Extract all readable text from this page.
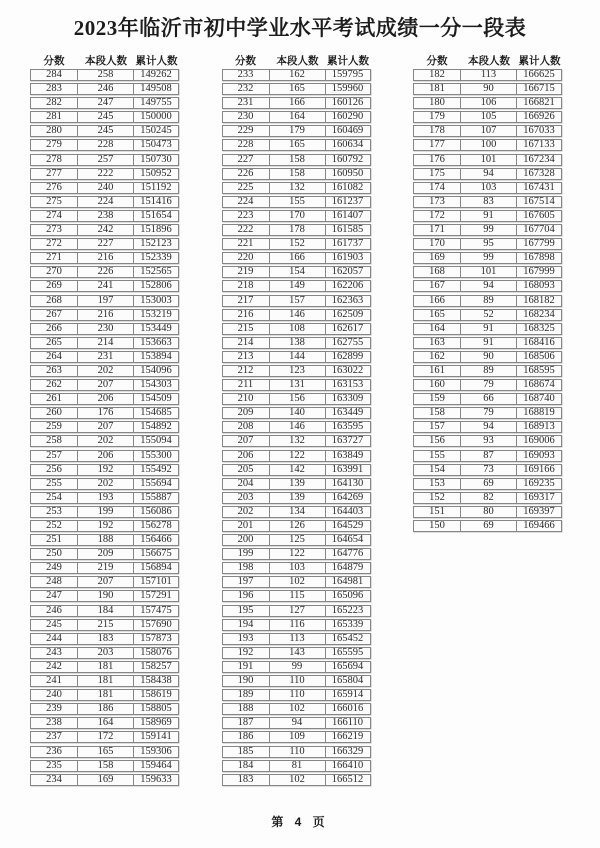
2023年临沂市初中学业水平考试成绩一分一段表
分数	本段人数 累计人数
284	258	149262
283	246	149508
282	247	149755
281	245	150000
280	245	150245
279	228	150473
278	257	150730
277	222	150952
276	240	151192
275	224	151416
274	238	151654
273	242	151896
272	227	152123
271	216	152339
270	226	152565
269	241	152806
268	197	153003
267	216	153219
266	230	153449
265	214	153663
264	231	153894
263	202	154096
262	207	154303
261	206	154509
260	176	154685
259	207	154892
258	202	155094
257	206	155300
256	192	155492
255	202	155694
254	193	155887
253	199	156086
252	192	156278
251	188	156466
250	209	156675
249	219	156894
248	207	157101
247	190	157291
246	184	157475
245	215	157690
244	183	157873
243	203	158076
242	181	158257
241	181	158438
240	181	158619
239	186	158805
238	164	158969
237	172	159141
236	165	159306
235	158	159464
234	169	159633
分数	本段人数 累计人数
233	162	159795
232	165	159960
231	166	160126
230	164	160290
229	179	160469
228	165	160634
227	158	160792
226	158	160950
225	132	161082
224	155	161237
223	170	161407
222	178	161585
221	152	161737
220	166	161903
219	154	162057
218	149	162206
217	157	162363
216	146	162509
215	108	162617
214	138	162755
213	144	162899
212	123	163022
211	131	163153
210	156	163309
209	140	163449
208	146	163595
207	132	163727
206	122	163849
205	142	163991
204	139	164130
203	139	164269
202	134	164403
201	126	164529
200	125	164654
199	122	164776
198	103	164879
197	102	164981
196	115	165096
195	127	165223
194	116	165339
193	113	165452
192	143	165595
191	99	165694
190	110	165804
189	110	165914
188	102	166016
187	94	166110
186	109	166219
185	110	166329
184	81	166410
183	102	166512
分数	本段人数 累计人数
182	113	166625
181	90	166715
180	106	166821
179	105	166926
178	107	167033
177	100	167133
176	101	167234
175	94	167328
174	103	167431
173	83	167514
172	91	167605
171	99	167704
170	95	167799
169	99	167898
168	101	167999
167	94	168093
166	89	168182
165	52	168234
164	91	168325
163	91	168416
162	90	168506
161	89	168595
160	79	168674
159	66	168740
158	79	168819
157	94	168913
156	93	169006
155	87	169093
154	73	169166
153	69	169235
152	82	169317
151	80	169397
150	69	169466
第 4 页
